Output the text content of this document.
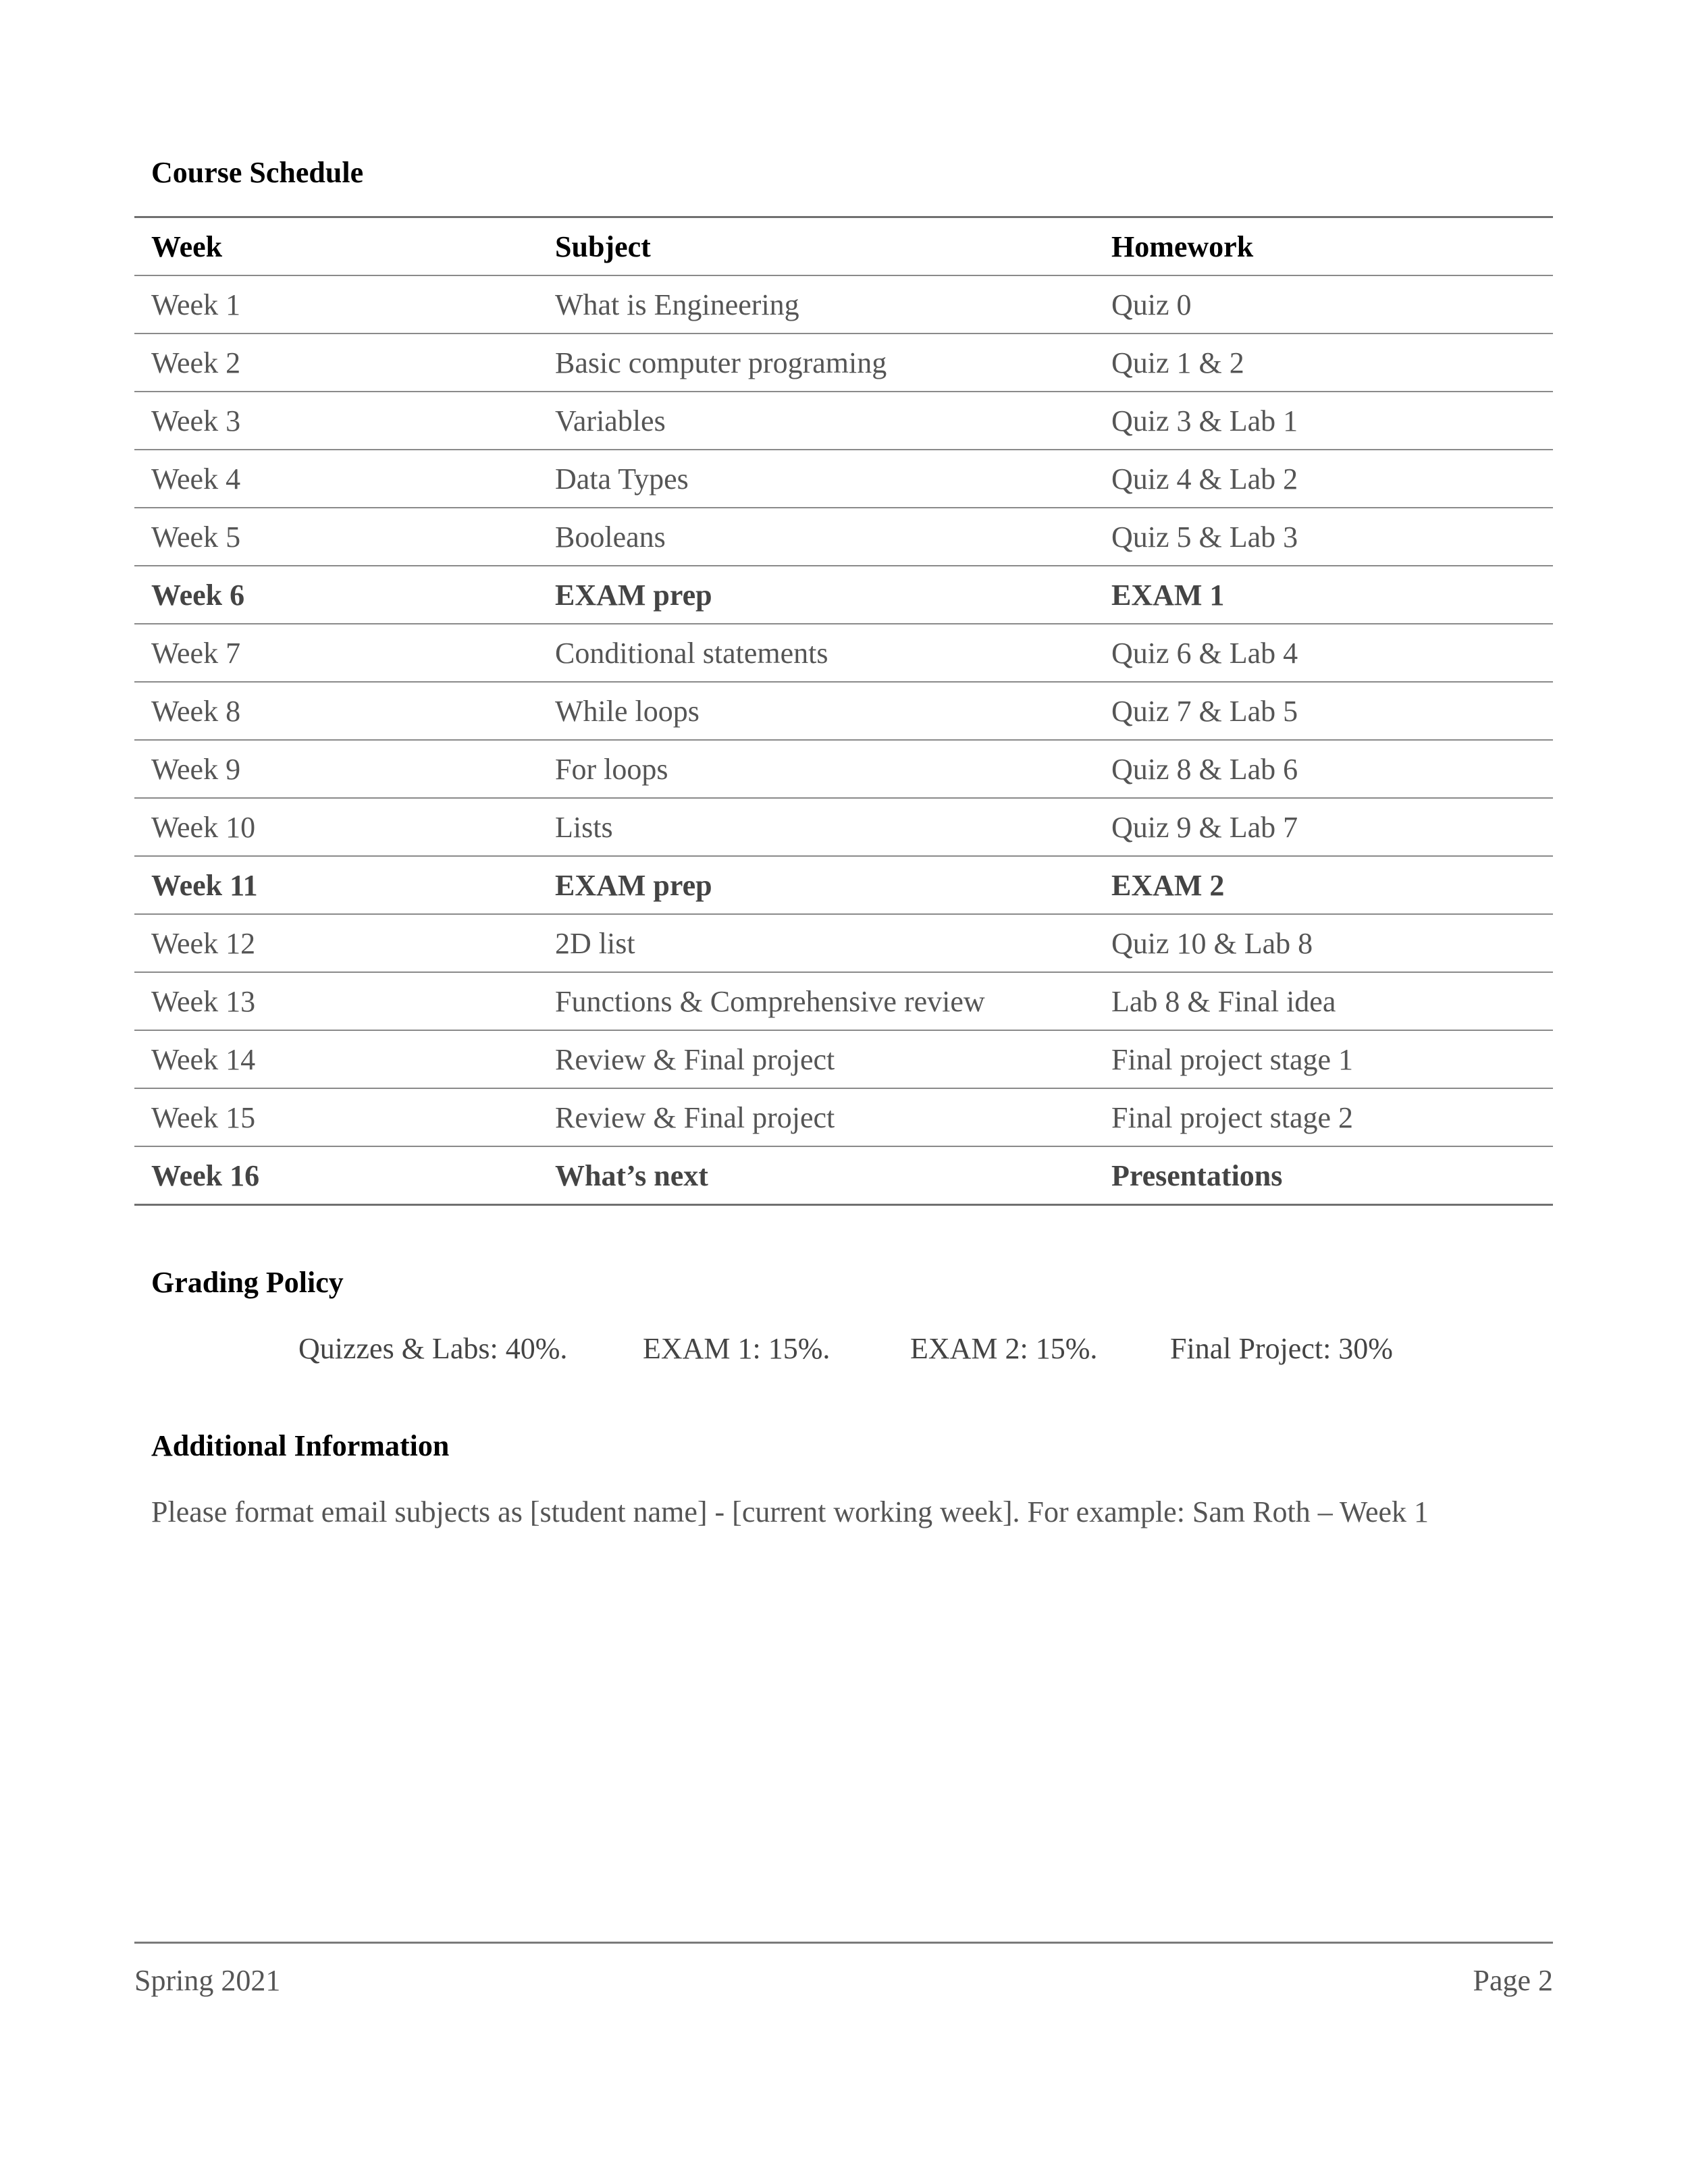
Course Schedule
Week	Subject	Homework
Week 1	What is Engineering	Quiz 0
Week 2	Basic computer programing	Quiz 1 & 2
Week 3	Variables	Quiz 3 & Lab 1
Week 4	Data Types	Quiz 4 & Lab 2
Week 5	Booleans	Quiz 5 & Lab 3
Week 6	EXAM prep	EXAM 1
Week 7	Conditional statements	Quiz 6 & Lab 4
Week 8	While loops	Quiz 7 & Lab 5
Week 9	For loops	Quiz 8 & Lab 6
Week 10	Lists	Quiz 9 & Lab 7
Week 11	EXAM prep	EXAM 2
Week 12	2D list	Quiz 10 & Lab 8
Week 13	Functions & Comprehensive review	Lab 8 & Final idea
Week 14	Review & Final project	Final project stage 1
Week 15	Review & Final project	Final project stage 2
Week 16	What’s next	Presentations
Grading Policy
Quizzes & Labs: 40%.	EXAM 1: 15%.	EXAM 2: 15%. Final Project: 30%
Additional Information

Please format email subjects as [student name] - [current working week]. For example: Sam Roth – Week 1

Spring 2021	Page 2
